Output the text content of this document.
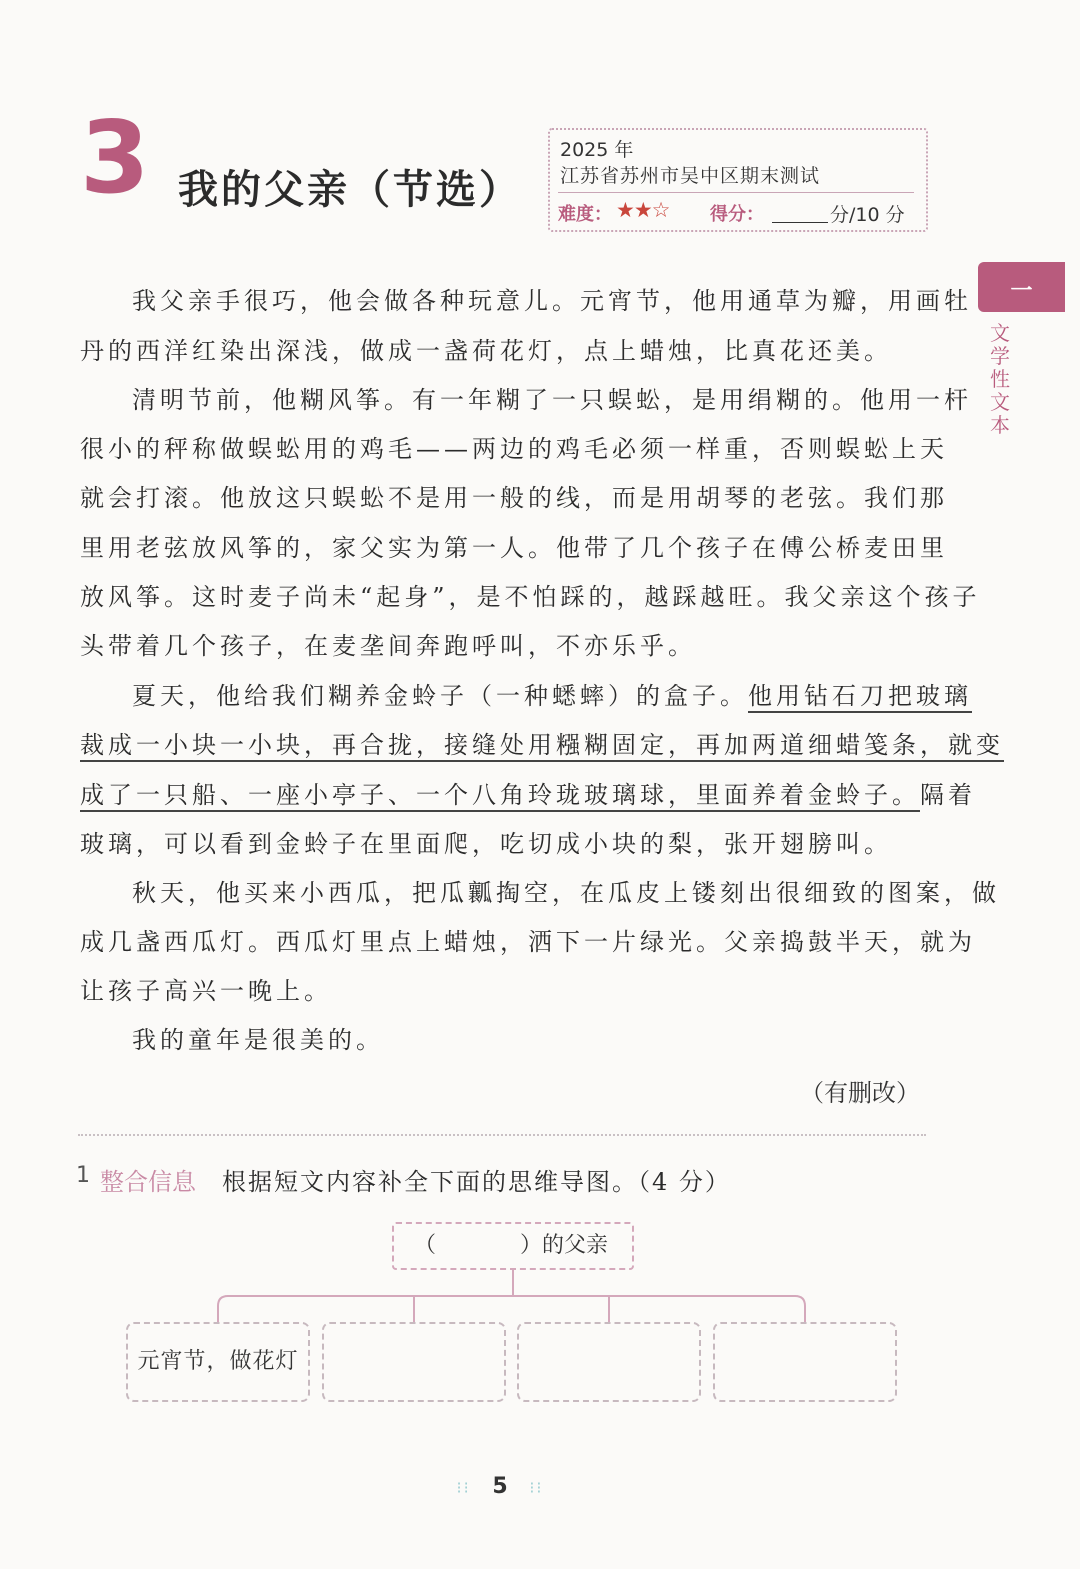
3 我的父亲（节选）
2025 年
江苏省苏州市吴中区期末测试
难度： ★★☆ 得分：	分/10 分
一
文学性文本
我父亲手很巧，他会做各种玩意儿。元宵节，他用通草为瓣，用画牡
丹的西洋红染出深浅，做成一盏荷花灯，点上蜡烛，比真花还美。
清明节前，他糊风筝。有一年糊了一只蜈蚣，是用绢糊的。他用一杆
很小的秤称做蜈蚣用的鸡毛——两边的鸡毛必须一样重，否则蜈蚣上天
就会打滚。他放这只蜈蚣不是用一般的线，而是用胡琴的老弦。我们那
里用老弦放风筝的，家父实为第一人。他带了几个孩子在傅公桥麦田里
放风筝。这时麦子尚未“起身”，是不怕踩的，越踩越旺。我父亲这个孩子
头带着几个孩子，在麦垄间奔跑呼叫，不亦乐乎。
夏天，他给我们糊养金蛉子（一种蟋蟀）的盒子。他用钻石刀把玻璃
裁成一小块一小块，再合拢，接缝处用糨糊固定，再加两道细蜡笺条，就变
成了一只船、一座小亭子、一个八角玲珑玻璃球，里面养着金蛉子。隔着
玻璃，可以看到金蛉子在里面爬，吃切成小块的梨，张开翅膀叫。
秋天，他买来小西瓜，把瓜瓤掏空，在瓜皮上镂刻出很细致的图案，做
成几盏西瓜灯。西瓜灯里点上蜡烛，洒下一片绿光。父亲捣鼓半天，就为
让孩子高兴一晚上。
我的童年是很美的。
（有删改）
1 整合信息 根据短文内容补全下面的思维导图。（4 分）
（	）的父亲
元宵节，做花灯
⁝⁝ 5 ⁝⁝
